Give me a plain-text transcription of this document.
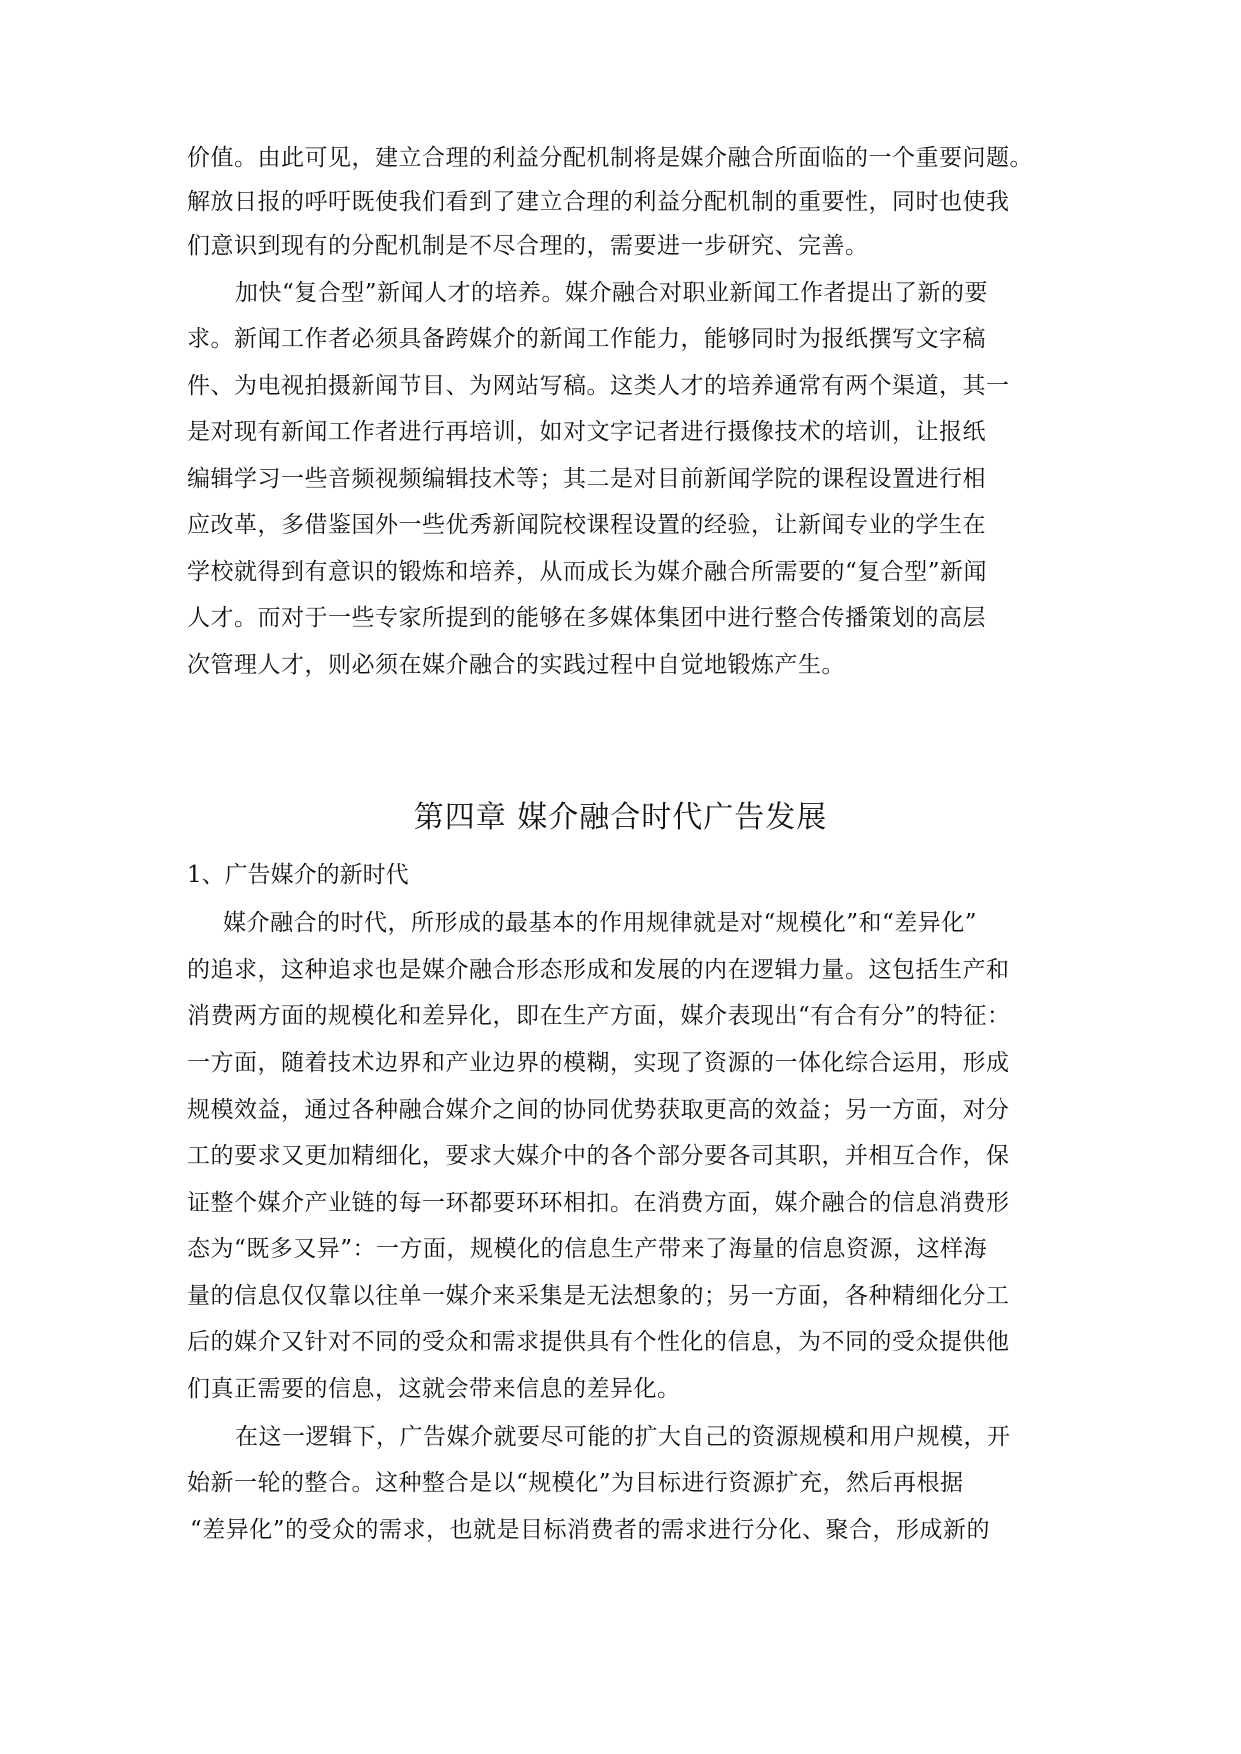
价值。由此可见，建立合理的利益分配机制将是媒介融合所面临的一个重要问题。
解放日报的呼吁既使我们看到了建立合理的利益分配机制的重要性，同时也使我
们意识到现有的分配机制是不尽合理的，需要进一步研究、完善。
加快“复合型”新闻人才的培养。媒介融合对职业新闻工作者提出了新的要
求。新闻工作者必须具备跨媒介的新闻工作能力，能够同时为报纸撰写文字稿
件、为电视拍摄新闻节目、为网站写稿。这类人才的培养通常有两个渠道，其一
是对现有新闻工作者进行再培训，如对文字记者进行摄像技术的培训，让报纸
编辑学习一些音频视频编辑技术等；其二是对目前新闻学院的课程设置进行相
应改革，多借鉴国外一些优秀新闻院校课程设置的经验，让新闻专业的学生在
学校就得到有意识的锻炼和培养，从而成长为媒介融合所需要的“复合型”新闻
人才。而对于一些专家所提到的能够在多媒体集团中进行整合传播策划的高层
次管理人才，则必须在媒介融合的实践过程中自觉地锻炼产生。
第四章 媒介融合时代广告发展
1、广告媒介的新时代
媒介融合的时代，所形成的最基本的作用规律就是对“规模化”和“差异化”
的追求，这种追求也是媒介融合形态形成和发展的内在逻辑力量。这包括生产和
消费两方面的规模化和差异化，即在生产方面，媒介表现出“有合有分”的特征：
一方面，随着技术边界和产业边界的模糊，实现了资源的一体化综合运用，形成
规模效益，通过各种融合媒介之间的协同优势获取更高的效益；另一方面，对分
工的要求又更加精细化，要求大媒介中的各个部分要各司其职，并相互合作，保
证整个媒介产业链的每一环都要环环相扣。在消费方面，媒介融合的信息消费形
态为“既多又异”：一方面，规模化的信息生产带来了海量的信息资源，这样海
量的信息仅仅靠以往单一媒介来采集是无法想象的；另一方面，各种精细化分工
后的媒介又针对不同的受众和需求提供具有个性化的信息，为不同的受众提供他
们真正需要的信息，这就会带来信息的差异化。
在这一逻辑下，广告媒介就要尽可能的扩大自己的资源规模和用户规模，开
始新一轮的整合。这种整合是以“规模化”为目标进行资源扩充，然后再根据
“差异化”的受众的需求，也就是目标消费者的需求进行分化、聚合，形成新的
